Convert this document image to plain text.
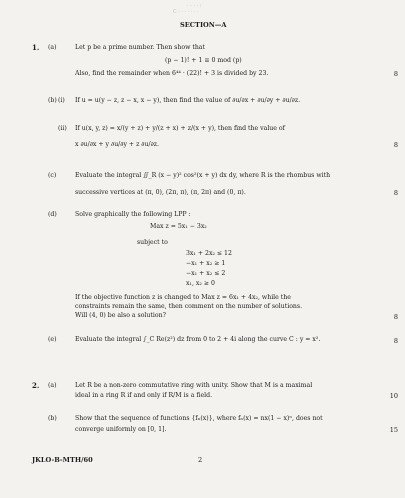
· · · · :
C · · · · · · ·
SECTION—A
1. (a)	Let p be a prime number. Then show that
(p − 1)! + 1 ≡ 0 mod (p)
Also, find the remainder when 6⁴⁴ · (22)! + 3 is divided by 23.	8
(b) (i) If u = u(y − z, z − x, x − y), then find the value of ∂u/∂x + ∂u/∂y + ∂u/∂z.
(ii) If u(x, y, z) = x/(y + z) + y/(z + x) + z/(x + y), then find the value of
x ∂u/∂x + y ∂u/∂y + z ∂u/∂z.	8
(c)	Evaluate the integral ∬_R (x − y)² cos²(x + y) dx dy, where R is the rhombus with
successive vertices at (π, 0), (2π, π), (π, 2π) and (0, π).	8
(d)	Solve graphically the following LPP :
Max z = 5x₁ − 3x₂
subject to
3x₁ + 2x₂ ≤ 12
−x₁ + x₂ ≥ 1
−x₁ + x₂ ≤ 2
x₁, x₂ ≥ 0
If the objective function z is changed to Max z = 6x₁ + 4x₂, while the
constraints remain the same, then comment on the number of solutions.
Will (4, 0) be also a solution?	8
(e)	Evaluate the integral ∫_C Re(z²) dz from 0 to 2 + 4i along the curve C : y = x².	8
2. (a)	Let R be a non-zero commutative ring with unity. Show that M is a maximal
ideal in a ring R if and only if R/M is a field.	10
(b)	Show that the sequence of functions {fₙ(x)}, where fₙ(x) = nx(1 − x)ⁿ, does not
converge uniformly on [0, 1].	15
JKLO-B-MTH/60	2
